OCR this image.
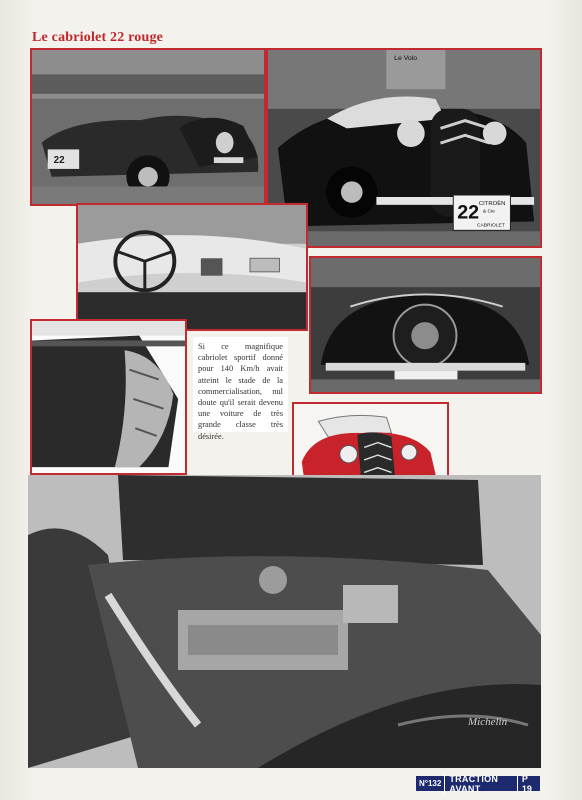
Le cabriolet 22 rouge
22
Le Volo
22 CITROËN
& Cie
CABRIOLET
Si ce magnifique cabriolet sportif donné pour 140 Km/h avait atteint le stade de la commercialisation, nul doute qu'il serait devenu une voiture de très grande classe très désirée.
Michelin
N°132 TRACTION AVANT
P 19
